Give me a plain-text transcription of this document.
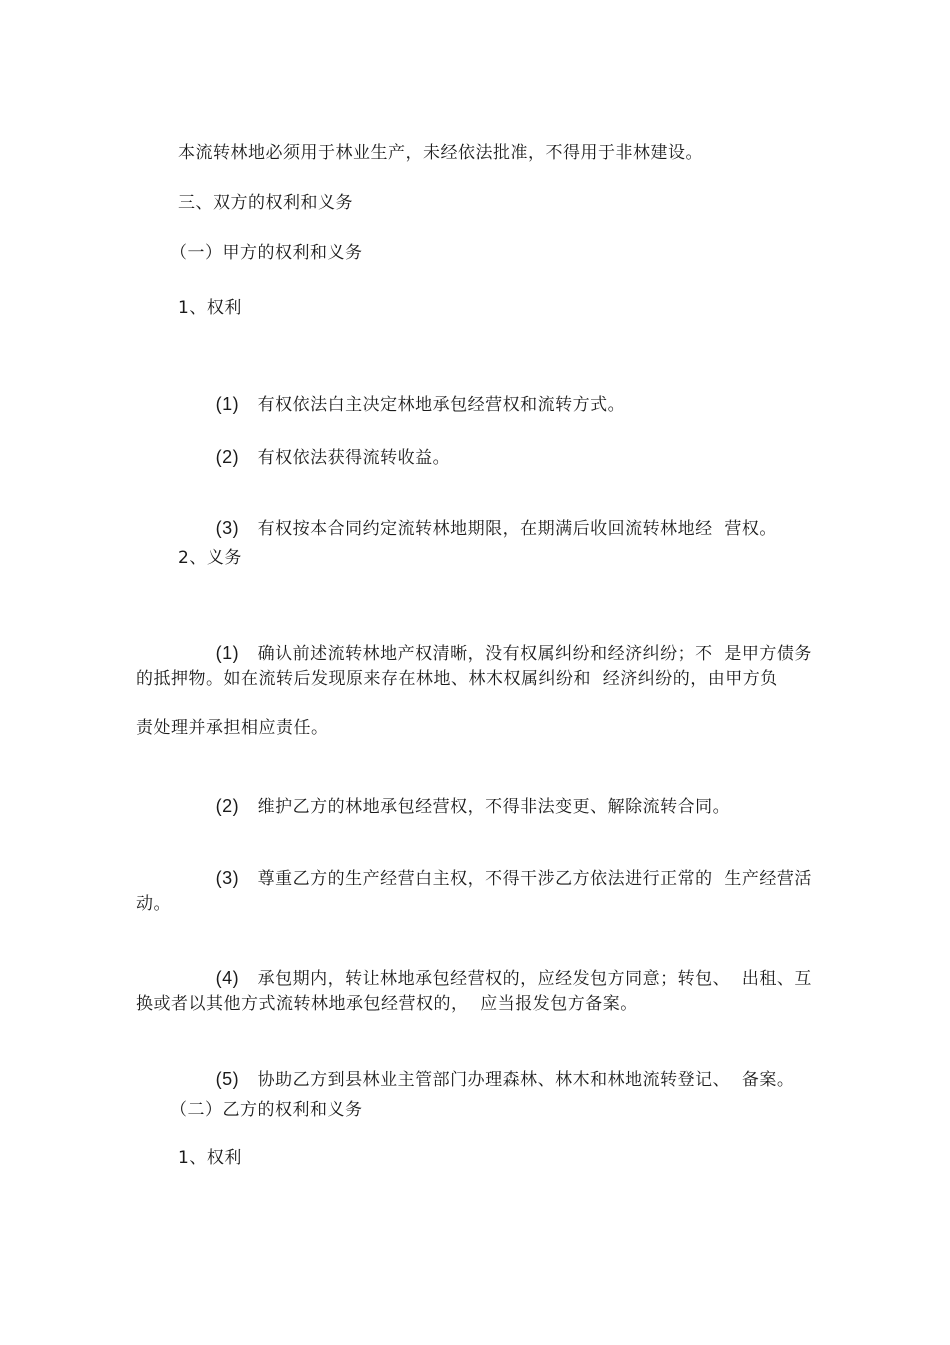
本流转林地必须用于林业生产，未经依法批准，不得用于非林建设。
三、双方的权利和义务
（一）甲方的权利和义务
1、权利

(1) 有权依法白主决定林地承包经营权和流转方式。

(2) 有权依法获得流转收益。

(3) 有权按本合同约定流转林地期限，在期满后收回流转林地经  营权。

2、义务

(1) 确认前述流转林地产权清晰，没有权属纠纷和经济纠纷；不  是甲方债务

的抵押物。如在流转后发现原来存在林地、林木权属纠纷和  经济纠纷的，由甲方负
责处理并承担相应责任。

(2) 维护乙方的林地承包经营权，不得非法变更、解除流转合同。

(3) 尊重乙方的生产经营白主权，不得干涉乙方依法进行正常的  生产经营活

动。

(4) 承包期内，转让林地承包经营权的，应经发包方同意；转包、  出租、互

换或者以其他方式流转林地承包经营权的，  应当报发包方备案。

(5) 协助乙方到县林业主管部门办理森林、林木和林地流转登记、  备案。

（二）乙方的权利和义务
1、权利
